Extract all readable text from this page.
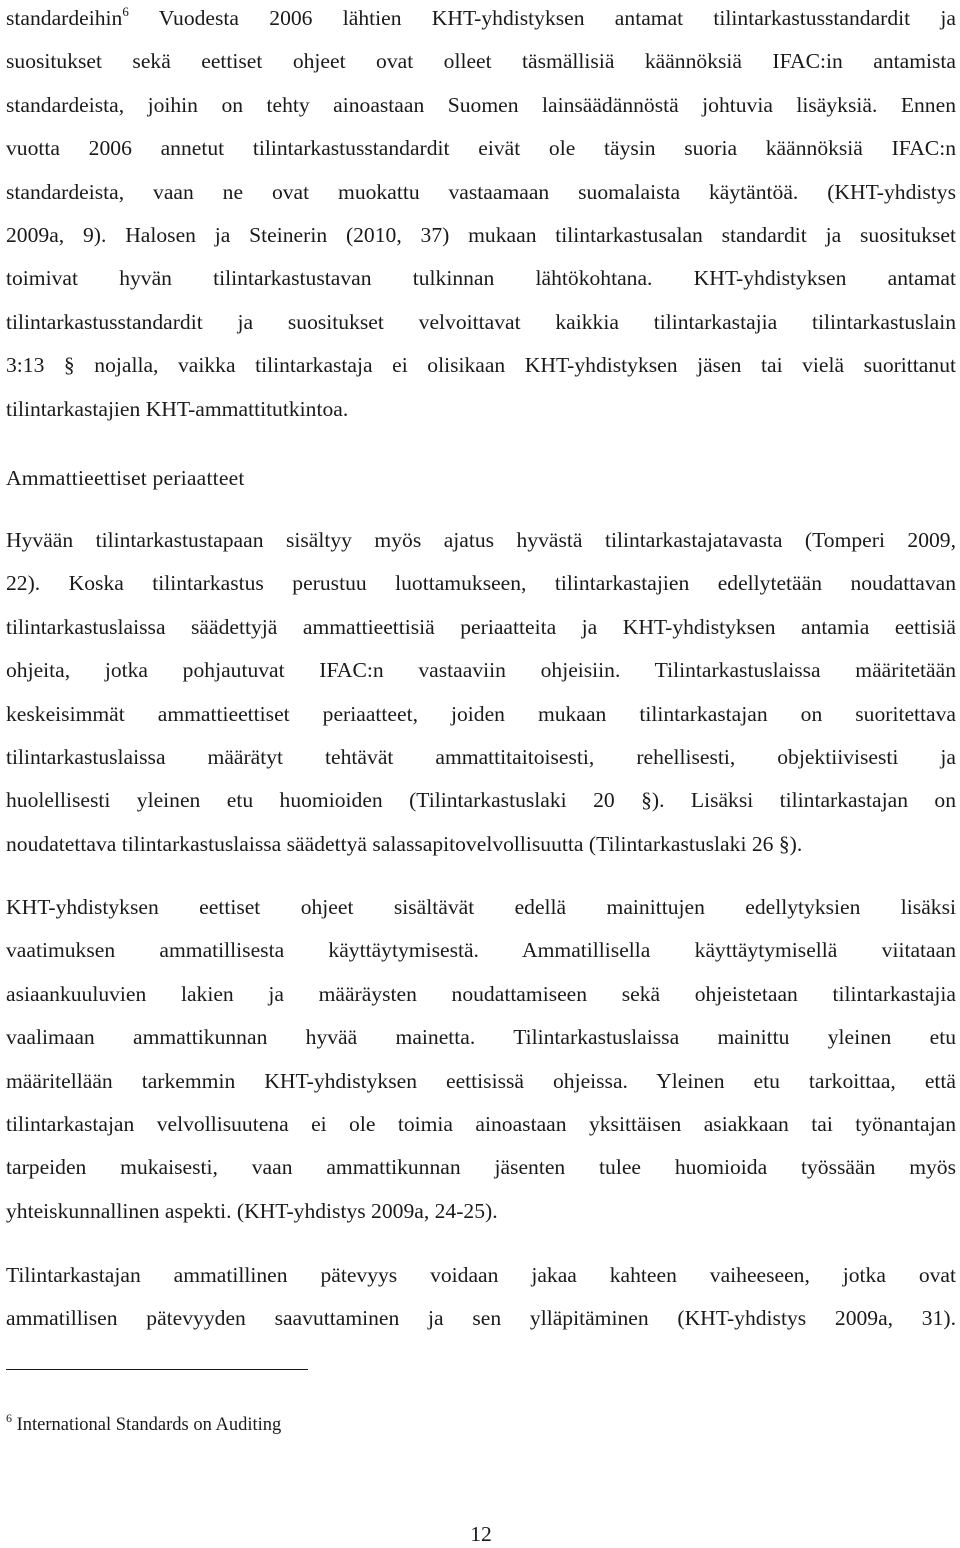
standardeihin$^6$ Vuodesta 2006 lähtien KHT-yhdistyksen antamat tilintarkastusstandardit ja
suositukset sekä eettiset ohjeet ovat olleet täsmällisiä käännöksiä IFAC:in antamista
standardeista, joihin on tehty ainoastaan Suomen lainsäädännöstä johtuvia lisäyksiä. Ennen
vuotta 2006 annetut tilintarkastusstandardit eivät ole täysin suoria käännöksiä IFAC:n
standardeista, vaan ne ovat muokattu vastaamaan suomalaista käytäntöä. (KHT-yhdistys
2009a, 9). Halosen ja Steinerin (2010, 37) mukaan tilintarkastusalan standardit ja suositukset
toimivat hyvän tilintarkastustavan tulkinnan lähtökohtana. KHT-yhdistyksen antamat
tilintarkastusstandardit ja suositukset velvoittavat kaikkia tilintarkastajia tilintarkastuslain
3:13 § nojalla, vaikka tilintarkastaja ei olisikaan KHT-yhdistyksen jäsen tai vielä suorittanut
tilintarkastajien KHT-ammattitutkintoa.
Ammattieettiset periaatteet
Hyvään tilintarkastustapaan sisältyy myös ajatus hyvästä tilintarkastajatavasta (Tomperi 2009,
22). Koska tilintarkastus perustuu luottamukseen, tilintarkastajien edellytetään noudattavan
tilintarkastuslaissa säädettyjä ammattieettisiä periaatteita ja KHT-yhdistyksen antamia eettisiä
ohjeita, jotka pohjautuvat IFAC:n vastaaviin ohjeisiin. Tilintarkastuslaissa määritetään
keskeisimmät ammattieettiset periaatteet, joiden mukaan tilintarkastajan on suoritettava
tilintarkastuslaissa määrätyt tehtävät ammattitaitoisesti, rehellisesti, objektiivisesti ja
huolellisesti yleinen etu huomioiden (Tilintarkastuslaki 20 §). Lisäksi tilintarkastajan on
noudatettava tilintarkastuslaissa säädettyä salassapitovelvollisuutta (Tilintarkastuslaki 26 §).
KHT-yhdistyksen eettiset ohjeet sisältävät edellä mainittujen edellytyksien lisäksi
vaatimuksen ammatillisesta käyttäytymisestä. Ammatillisella käyttäytymisellä viitataan
asiaankuuluvien lakien ja määräysten noudattamiseen sekä ohjeistetaan tilintarkastajia
vaalimaan ammattikunnan hyvää mainetta. Tilintarkastuslaissa mainittu yleinen etu
määritellään tarkemmin KHT-yhdistyksen eettisissä ohjeissa. Yleinen etu tarkoittaa, että
tilintarkastajan velvollisuutena ei ole toimia ainoastaan yksittäisen asiakkaan tai työnantajan
tarpeiden mukaisesti, vaan ammattikunnan jäsenten tulee huomioida työssään myös
yhteiskunnallinen aspekti. (KHT-yhdistys 2009a, 24-25).
Tilintarkastajan ammatillinen pätevyys voidaan jakaa kahteen vaiheeseen, jotka ovat
ammatillisen pätevyyden saavuttaminen ja sen ylläpitäminen (KHT-yhdistys 2009a, 31).

$^6$ International Standards on Auditing

12
